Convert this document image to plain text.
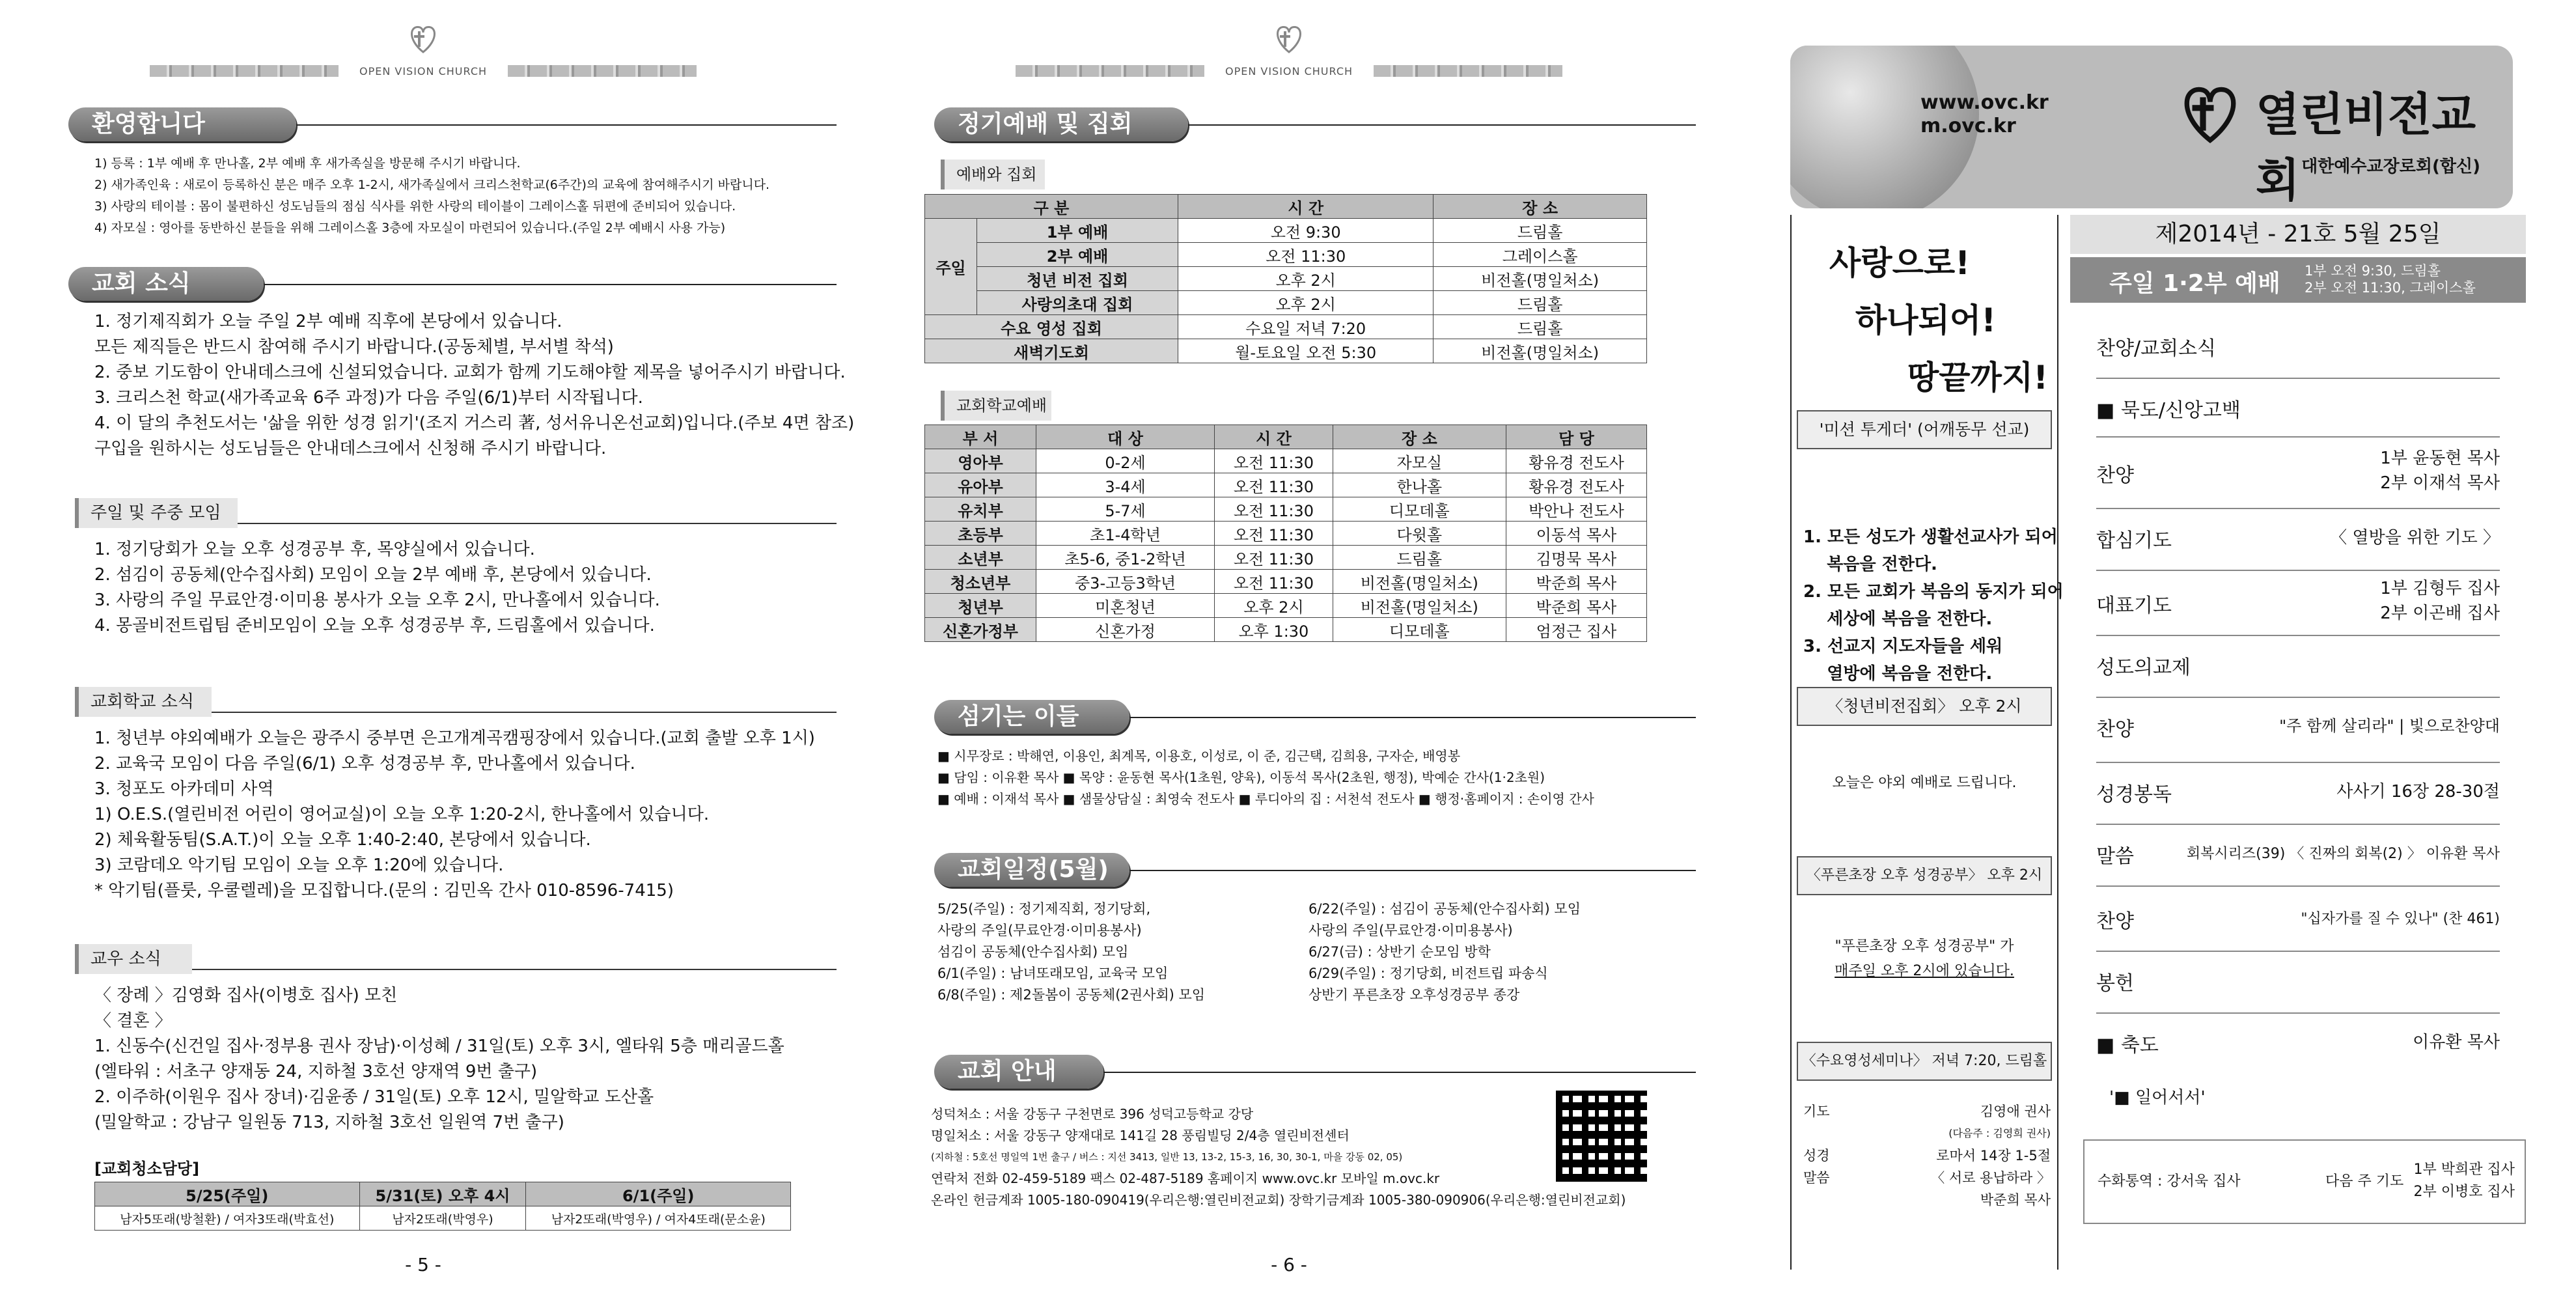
OPEN VISION CHURCH
환영합니다
1) 등록 : 1부 예배 후 만나홀, 2부 예배 후 새가족실을 방문해 주시기 바랍니다.
2) 새가족인육 : 새로이 등록하신 분은 매주 오후 1-2시, 새가족실에서 크리스천학교(6주간)의 교육에 참여해주시기 바랍니다.
3) 사랑의 테이블 : 몸이 불편하신 성도님들의 점심 식사를 위한 사랑의 테이블이 그레이스홀 뒤편에 준비되어 있습니다.
4) 자모실 : 영아를 동반하신 분들을 위해 그레이스홀 3층에 자모실이 마련되어 있습니다.(주일 2부 예배시 사용 가능)
교회 소식
1. 정기제직회가 오늘 주일 2부 예배 직후에 본당에서 있습니다.
모든 제직들은 반드시 참여해 주시기 바랍니다.(공동체별, 부서별 착석)
2. 중보 기도함이 안내데스크에 신설되었습니다. 교회가 함께 기도해야할 제목을 넣어주시기 바랍니다.
3. 크리스천 학교(새가족교육 6주 과정)가 다음 주일(6/1)부터 시작됩니다.
4. 이 달의 추천도서는 '삶을 위한 성경 읽기'(조지 거스리 著, 성서유니온선교회)입니다.(주보 4면 참조)
구입을 원하시는 성도님들은 안내데스크에서 신청해 주시기 바랍니다.
주일 및 주중 모임
1. 정기당회가 오늘 오후 성경공부 후, 목양실에서 있습니다.
2. 섬김이 공동체(안수집사회) 모임이 오늘 2부 예배 후, 본당에서 있습니다.
3. 사랑의 주일 무료안경·이미용 봉사가 오늘 오후 2시, 만나홀에서 있습니다.
4. 몽골비전트립팀 준비모임이 오늘 오후 성경공부 후, 드림홀에서 있습니다.
교회학교 소식
1. 청년부 야외예배가 오늘은 광주시 중부면 은고개계곡캠핑장에서 있습니다.(교회 출발 오후 1시)
2. 교육국 모임이 다음 주일(6/1) 오후 성경공부 후, 만나홀에서 있습니다.
3. 청포도 아카데미 사역
1) O.E.S.(열린비전 어린이 영어교실)이 오늘 오후 1:20-2시, 한나홀에서 있습니다.
2) 체육활동팀(S.A.T.)이 오늘 오후 1:40-2:40, 본당에서 있습니다.
3) 코람데오 악기팀 모임이 오늘 오후 1:20에 있습니다.
* 악기팀(플룻, 우쿨렐레)을 모집합니다.(문의 : 김민옥 간사 010-8596-7415)
교우 소식
〈 장례 〉김영화 집사(이병호 집사) 모친
〈 결혼 〉
1. 신동수(신건일 집사·정부용 권사 장남)·이성혜 / 31일(토) 오후 3시, 엘타워 5층 매리골드홀
(엘타워 : 서초구 양재동 24, 지하철 3호선 양재역 9번 출구)
2. 이주하(이원우 집사 장녀)·김윤종 / 31일(토) 오후 12시, 밀알학교 도산홀
(밀알학교 : 강남구 일원동 713, 지하철 3호선 일원역 7번 출구)
[교회청소담당]
5/25(주일)	5/31(토) 오후 4시	6/1(주일)
남자5또래(방철환) / 여자3또래(박효선)	남자2또래(박영우)	남자2또래(박영우) / 여자4또래(문소윤)
- 5 -
OPEN VISION CHURCH
정기예배 및 집회
예배와 집회
구 분		시 간	장 소
주일	1부 예배	오전 9:30	드림홀
	2부 예배	오전 11:30	그레이스홀
	청년 비전 집회	오후 2시	비전홀(명일처소)
	사랑의초대 집회	오후 2시	드림홀
수요 영성 집회		수요일 저녁 7:20	드림홀
새벽기도회		월-토요일 오전 5:30	비전홀(명일처소)
교회학교예배
부 서	대 상	시 간	장 소	담 당
영아부	0-2세	오전 11:30	자모실	황유경 전도사
유아부	3-4세	오전 11:30	한나홀	황유경 전도사
유치부	5-7세	오전 11:30	디모데홀	박안나 전도사
초등부	초1-4학년	오전 11:30	다윗홀	이동석 목사
소년부	초5-6, 중1-2학년	오전 11:30	드림홀	김명묵 목사
청소년부	중3-고등3학년	오전 11:30	비전홀(명일처소)	박준희 목사
청년부	미혼청년	오후 2시	비전홀(명일처소)	박준희 목사
신혼가정부	신혼가정	오후 1:30	디모데홀	엄정근 집사
섬기는 이들
■ 시무장로 : 박해연, 이용인, 최계목, 이용호, 이성로, 이 준, 김근택, 김희용, 구자순, 배영봉
■ 담임 : 이유환 목사 ■ 목양 : 윤동현 목사(1초원, 양육), 이동석 목사(2초원, 행정), 박예순 간사(1·2초원)
■ 예배 : 이재석 목사 ■ 샘물상담실 : 최영숙 전도사 ■ 루디아의 집 : 서천석 전도사 ■ 행정·홈페이지 : 손이영 간사
교회일정(5월)
5/25(주일) : 정기제직회, 정기당회,
사랑의 주일(무료안경·이미용봉사)
섬김이 공동체(안수집사회) 모임
6/1(주일) : 남녀또래모임, 교육국 모임
6/8(주일) : 제2돌봄이 공동체(2권사회) 모임
6/22(주일) : 섬김이 공동체(안수집사회) 모임
사랑의 주일(무료안경·이미용봉사)
6/27(금) : 상반기 순모임 방학
6/29(주일) : 정기당회, 비전트립 파송식
상반기 푸른초장 오후성경공부 종강
교회 안내
성덕처소 : 서울 강동구 구천면로 396 성덕고등학교 강당
명일처소 : 서울 강동구 양재대로 141길 28 풍림빌딩 2/4층 열린비전센터
(지하철 : 5호선 명일역 1번 출구 / 버스 : 지선 3413, 일반 13, 13-2, 15-3, 16, 30, 30-1, 마을 강동 02, 05)
연락처 전화 02-459-5189 팩스 02-487-5189 홈페이지 www.ovc.kr 모바일 m.ovc.kr
온라인 헌금계좌 1005-180-090419(우리은행:열린비전교회) 장학기금계좌 1005-380-090906(우리은행:열린비전교회)
- 6 -
www.ovc.kr
m.ovc.kr	열린비전교회 대한예수교장로회(합신)
사랑으로!
하나되어!
땅끝까지!
'미션 투게더' (어깨동무 선교)

1. 모든 성도가 생활선교사가 되어
복음을 전한다.
2. 모든 교회가 복음의 동지가 되어
세상에 복음을 전한다.
3. 선교지 지도자들을 세워
열방에 복음을 전한다.

〈청년비전집회〉 오후 2시
오늘은 야외 예배로 드립니다.
〈푸른초장 오후 성경공부〉 오후 2시
"푸른초장 오후 성경공부" 가
매주일 오후 2시에 있습니다.
〈수요영성세미나〉 저녁 7:20, 드림홀
기도	김영애 권사
(다음주 : 김영희 권사)
성경	로마서 14장 1-5절
말씀	〈 서로 용납하라 〉
박준희 목사
제2014년 - 21호 5월 25일
주일 1·2부 예배 1부 오전 9:30, 드림홀
2부 오전 11:30, 그레이스홀
찬양/교회소식
■ 묵도/신앙고백
찬양
1부 윤동현 목사
2부 이재석 목사
합심기도	〈 열방을 위한 기도 〉
대표기도
1부 김형두 집사
2부 이곤배 집사
성도의교제
찬양	"주 함께 살리라" | 빛으로찬양대
성경봉독	사사기 16장 28-30절
말씀	회복시리즈(39) 〈 진짜의 회복(2) 〉 이유환 목사
찬양	"십자가를 질 수 있나" (찬 461)
봉헌
■ 축도	이유환 목사
'■ 일어서서'
수화통역 : 강서욱 집사	다음 주 기도
1부 박희관 집사
2부 이병호 집사
